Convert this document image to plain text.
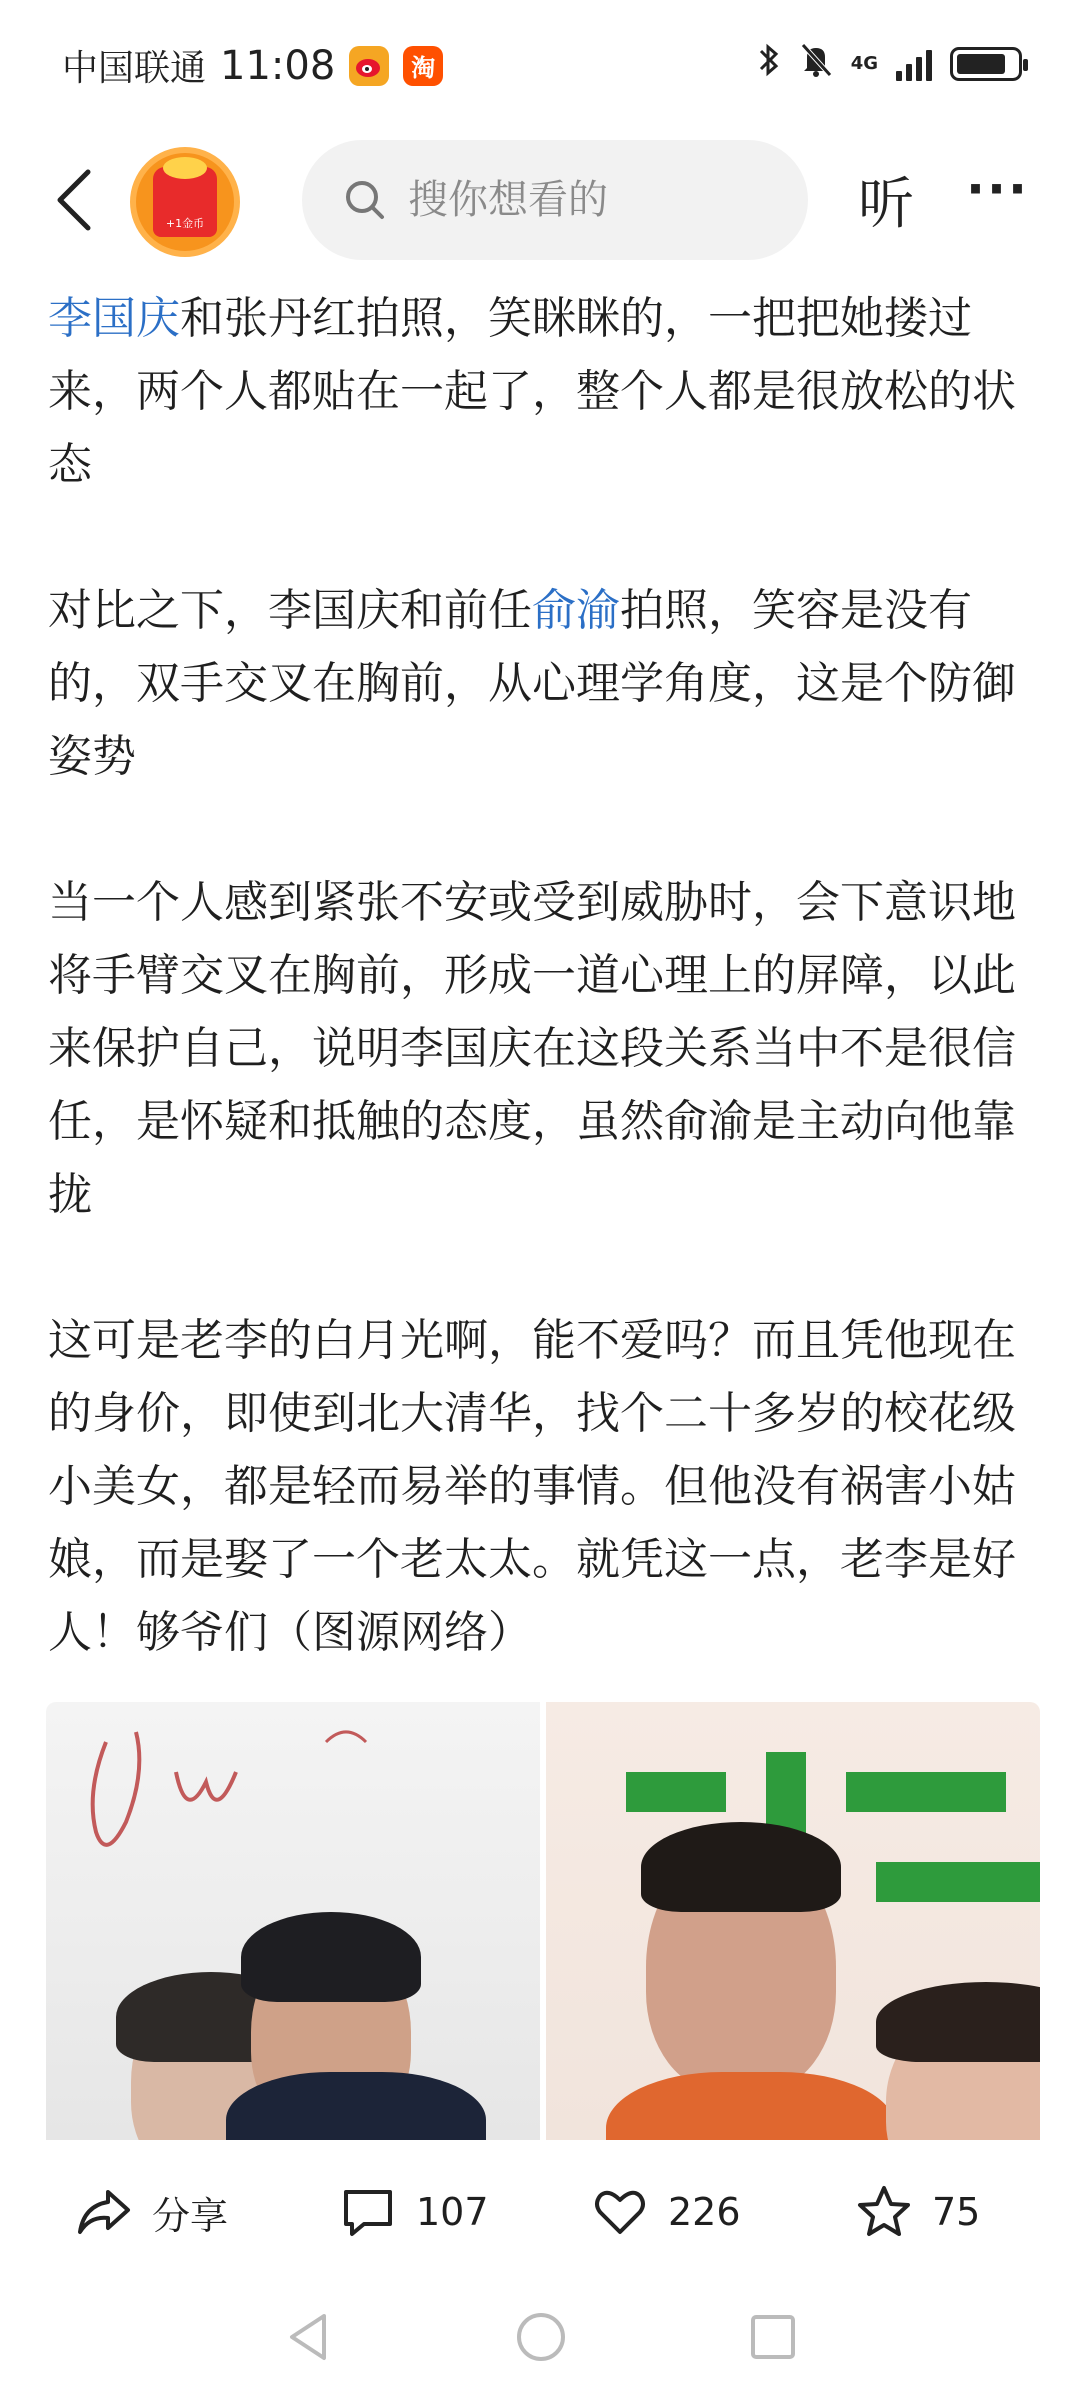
中国联通 11:08	淘	4G
+1金币
搜你想看的	听 ···

李国庆和张丹红拍照，笑眯眯的，一把把她搂过来，两个人都贴在一起了，整个人都是很放松的状态

对比之下，李国庆和前任俞渝拍照，笑容是没有的，双手交叉在胸前，从心理学角度，这是个防御姿势

当一个人感到紧张不安或受到威胁时，会下意识地将手臂交叉在胸前，形成一道心理上的屏障，以此来保护自己，说明李国庆在这段关系当中不是很信任，是怀疑和抵触的态度，虽然俞渝是主动向他靠拢

这可是老李的白月光啊，能不爱吗？而且凭他现在的身价，即使到北大清华，找个二十多岁的校花级小美女，都是轻而易举的事情。但他没有祸害小姑娘，而是娶了一个老太太。就凭这一点，老李是好人！够爷们（图源网络）

分享	107	226	75
